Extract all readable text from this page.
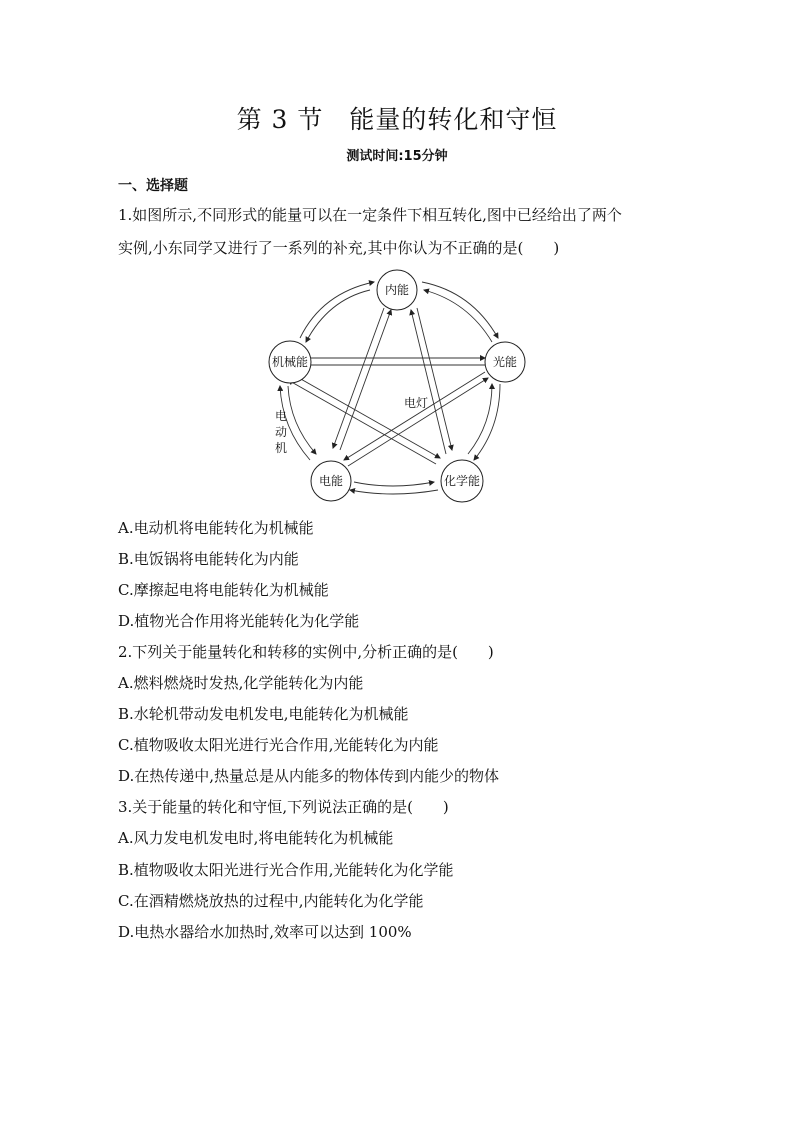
第 3 节　能量的转化和守恒
测试时间:15分钟
一、选择题
1.如图所示,不同形式的能量可以在一定条件下相互转化,图中已经给出了两个
实例,小东同学又进行了一系列的补充,其中你认为不正确的是(　　)
内能
光能
化学能
电能
机械能
电灯
电
动
机
A.电动机将电能转化为机械能
B.电饭锅将电能转化为内能
C.摩擦起电将电能转化为机械能
D.植物光合作用将光能转化为化学能
2.下列关于能量转化和转移的实例中,分析正确的是(　　)
A.燃料燃烧时发热,化学能转化为内能
B.水轮机带动发电机发电,电能转化为机械能
C.植物吸收太阳光进行光合作用,光能转化为内能
D.在热传递中,热量总是从内能多的物体传到内能少的物体
3.关于能量的转化和守恒,下列说法正确的是(　　)
A.风力发电机发电时,将电能转化为机械能
B.植物吸收太阳光进行光合作用,光能转化为化学能
C.在酒精燃烧放热的过程中,内能转化为化学能
D.电热水器给水加热时,效率可以达到 100%
